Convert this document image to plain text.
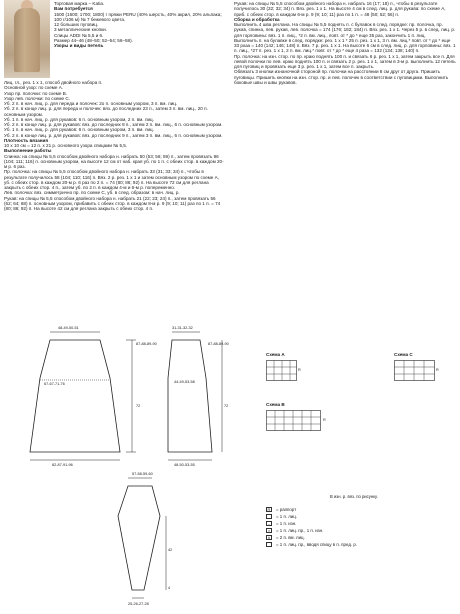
Торговая марка – Katia.

Вам потребуется

1500 (1600; 1700; 1800) г пряжи PERU (40% шерсть, 40% акрил, 20% альпака; 100 г/106 м) № 7 бежевого цвета.

12 больших пуговиц.

3 металлические кнопки.

Спицы ADDI № 5,5 и 6.

Размер 44–46 (48–50; 52–54; 56–58).

Узоры и виды петель

Лиц. гл., рез. 1 х 1, способ двойного набора п.

Основной узор: по схеме А.

Узор пр. полочки: по схеме В.

Узор лев. полочки: по схеме С.

Уб. 2 п. в нач. лиц. р. для переда и полочек: 2о п. основным узором, 3 п. вм. лиц.

Уб. 2 п. в конце лиц. р. для переда и полочек: вяз. до последних 23 п., затем 3 п. вм. лиц., 20 п. основным узором.

Уб. 1 п. в нач. лиц. р. для рукавов: 6 п. основным узором, 2 п. вм. лиц.

Уб. 2 п. в конце лиц. р. для рукавов: вяз. до последних 8 п., затем 2 п. вм. лиц., 6 п. основным узором.

Уб. 1 п. в нач. лиц. р. для рукавов: 6 п. основным узором, 3 п. вм. лиц.

Уб. 2 п. в конце лиц. р. для рукавов: вяз. до последних 9 п., затем 3 п. вм. лиц., 6 п. основным узором.

Плотность вязания

10 х 10 см = 12 п. х 21 р. основного узора спицами № 5,5.

Выполнение работы

Спинка: на спицы № 5,5 способом двойного набора н. набрать 50 (53; 56; 59) п., затем провязать 96 (104; 111; 116) п. основным узором, на высоте 12 см от наб. края уб. по 1 п. с обеих стор. в каждом 20-м р. 6 раз.

Пр. полочка: на спицы № 5,5 способом двойного набора н. набрать 33 (31; 33; 34) п., чтобы в результате получилось 58 (104; 110; 116) п. Вяз. 2 р. рез. 1 х 1 и затем основным узором по схеме А, уб. с обеих стор. в каждом 20-м р. 6 раз по 2 п. = 74 (80; 86; 92) п. На высоте 72 см для реглана закрыть с обеих стор. 4 п., затем уб. по 2 п. в каждом 4-м и 6-м р. попеременно.

Лев. полочка: вяз. симметрично пр. по схеме С, уб. в след. образом: в нач. лиц. р.

Рукав: на спицы № 5,5 способом двойного набора н. набрать 21 (22; 23; 24) п., затем провязать 56 (62; 64; 68) п. основным узором, прибавить с обеих стор. в каждом 8-м р. 9 (9; 10; 11) раз по 1 п. = 74 (80; 86; 92) п. На высоте 42 см для реглана закрыть с обеих стор. 4 п.

Рукав: на спицы № 5,5 способом двойного набора н. набрать 16 (17; 18) п., чтобы в результате получилось 30 (32; 32; 34) п. Вяз. рез. 1 х 1. На высоте 4 см в след. лиц. р. для рукава: по схеме А, приб. с обеих стор. в каждом 6-м р. 9 (9; 10; 11) раз по 1 п. = 48 (50; 52; 56) п.

Сборка и обработка

Выполнить 4 шва реглана. На спицы № 5,5 поднять п. с булавок в след. порядке: пр. полочка, пр. рукав, спинка, лев. рукав, лев. полочка = 174 (176; 182; 184) п. Вяз. рез. 1 х 1. Через 5 р. в след. лиц. р. для горловины: вяз. 1 п. лиц., *2 п. вм. лиц., повт. от * до * еще 35 раз, закончить 1 п. лиц.

Выполнить п. на булавке в след. порядке: рез. 1 х 1 * 25 п. рез. 1 х 1, 3 п. вм. лиц.* повт. от * до * еще 33 раза = 140 (142; 146; 148) п. Вяз. 7 р. рез. 1 х 1. На высоте 6 см в след. лиц. р. для горловины: вяз. 1 п. лиц., *27 п. рез. 1 х 1, 2 п. вм. лиц.* повт. от * до * еще 4 раза = 132 (134; 138; 140) п.

Пр. полочка: на изн. стор. по пр. краю поднять 100 п. и связать 6 р. рез. 1 х 1, затем закрыть все п. Для левой полочки по лев. краю поднять 100 п. и связать 2 р. рез. 1 х 1, затем в 3-м р. выполнить 12 петель для пуговиц и провязать еще 3 р. рез. 1 х 1, затем все п. закрыть.

Обвязать 3 кнопки изнаночной стороной пр. полочки на расстоянии 8 см друг от друга. Пришить пуговицы. Пришить кнопки на изн. стор. пр. и лев. полочек в соответствии с пуговицами. Выполнить боковые швы и швы рукавов.

48-49-50-51
87-88-89-90
72
67-67-71-76
82-87-91-96
31-31-32-32
87-88-89-90
44-49-53-58
72
48-50-53-55
57-58-59-60
42
4
25-26-27-28
Схема А
R
Схема В
R
Схема С
R
В изн. р. вяз. по рисунку.
R	= раппорт
= 1 п. лиц.
–	= 1 п. изн.
∩	= 1 п. лиц. пр., 1 п. изн.
∧	= 2 п. вм. лиц.
⌒ = 1 п. лиц. пр., вводя спицу в п. пред. р.
